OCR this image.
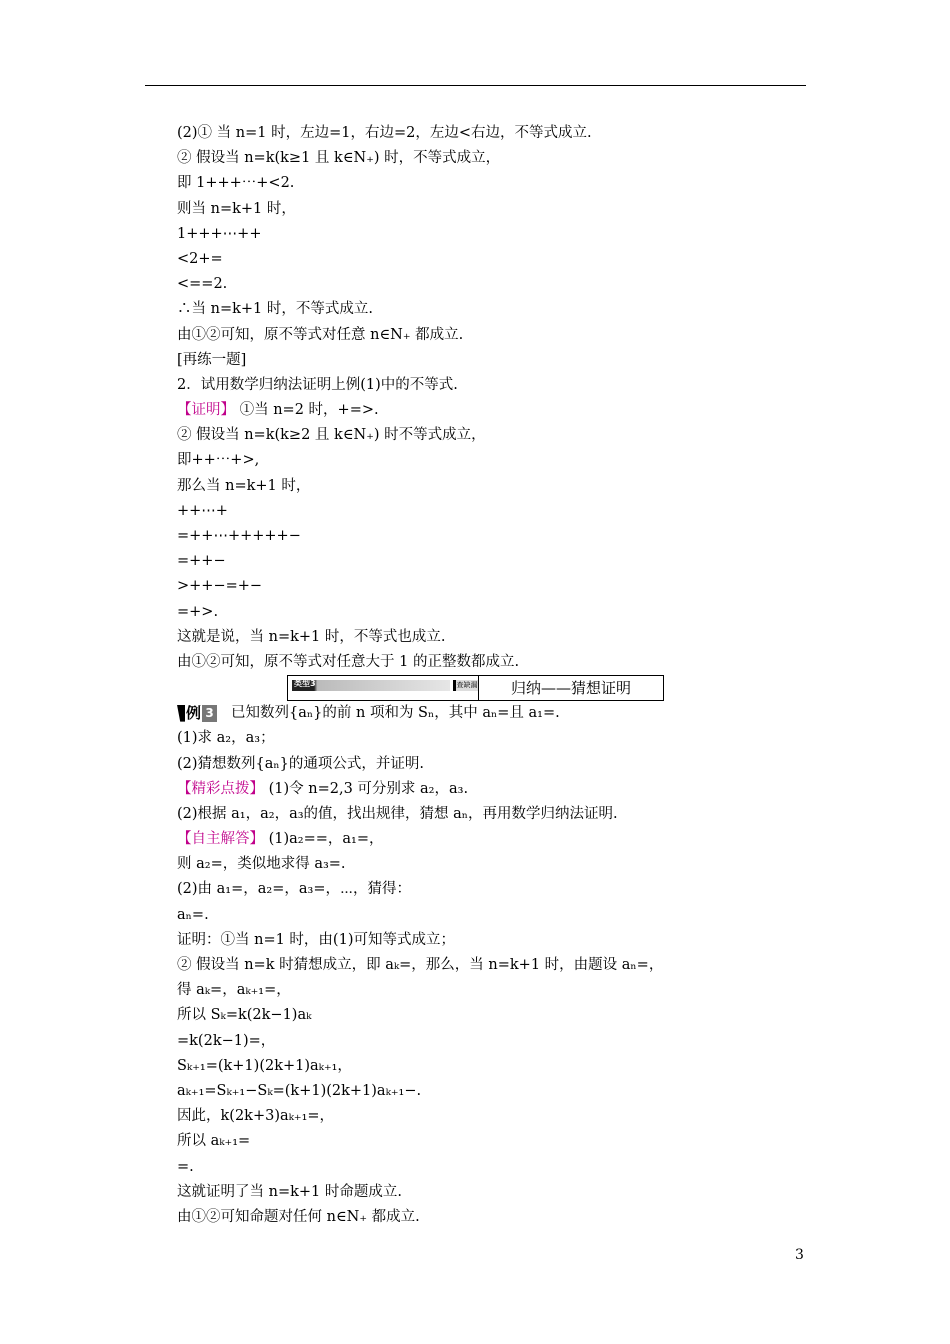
(2)① 当 n=1 时，左边=1，右边=2，左边<右边，不等式成立.
② 假设当 n=k(k≥1 且 k∈N₊) 时，不等式成立，
即 1+++⋯+<2.
则当 n=k+1 时，
1+++⋯++
<2+=
<==2.
∴当 n=k+1 时，不等式成立.
由①②可知，原不等式对任意 n∈N₊ 都成立.
[再练一题]
2．试用数学归纳法证明上例(1)中的不等式.
【证明】 ①当 n=2 时，+=>.
② 假设当 n=k(k≥2 且 k∈N₊) 时不等式成立，
即++⋯+>,
那么当 n=k+1 时，
++⋯+
=++⋯+++++−
=++−
>++−=+−
=+>.
这就是说，当 n=k+1 时，不等式也成立.
由①②可知，原不等式对任意大于 1 的正整数都成立.
类型3	查缺漏	归纳——猜想证明
例 3 已知数列{aₙ}的前 n 项和为 Sₙ，其中 aₙ=且 a₁=.
(1)求 a₂，a₃；
(2)猜想数列{aₙ}的通项公式，并证明.
【精彩点拨】 (1)令 n=2,3 可分别求 a₂，a₃.
(2)根据 a₁，a₂，a₃的值，找出规律，猜想 aₙ，再用数学归纳法证明.
【自主解答】 (1)a₂==，a₁=，
则 a₂=，类似地求得 a₃=.
(2)由 a₁=，a₂=，a₃=，⋯，猜得：
aₙ=.
证明：①当 n=1 时，由(1)可知等式成立；
② 假设当 n=k 时猜想成立，即 aₖ=，那么，当 n=k+1 时，由题设 aₙ=，
得 aₖ=，aₖ₊₁=，
所以 Sₖ=k(2k−1)aₖ
=k(2k−1)=，
Sₖ₊₁=(k+1)(2k+1)aₖ₊₁，
aₖ₊₁=Sₖ₊₁−Sₖ=(k+1)(2k+1)aₖ₊₁−.
因此，k(2k+3)aₖ₊₁=，
所以 aₖ₊₁=
=.
这就证明了当 n=k+1 时命题成立.
由①②可知命题对任何 n∈N₊ 都成立.
3
